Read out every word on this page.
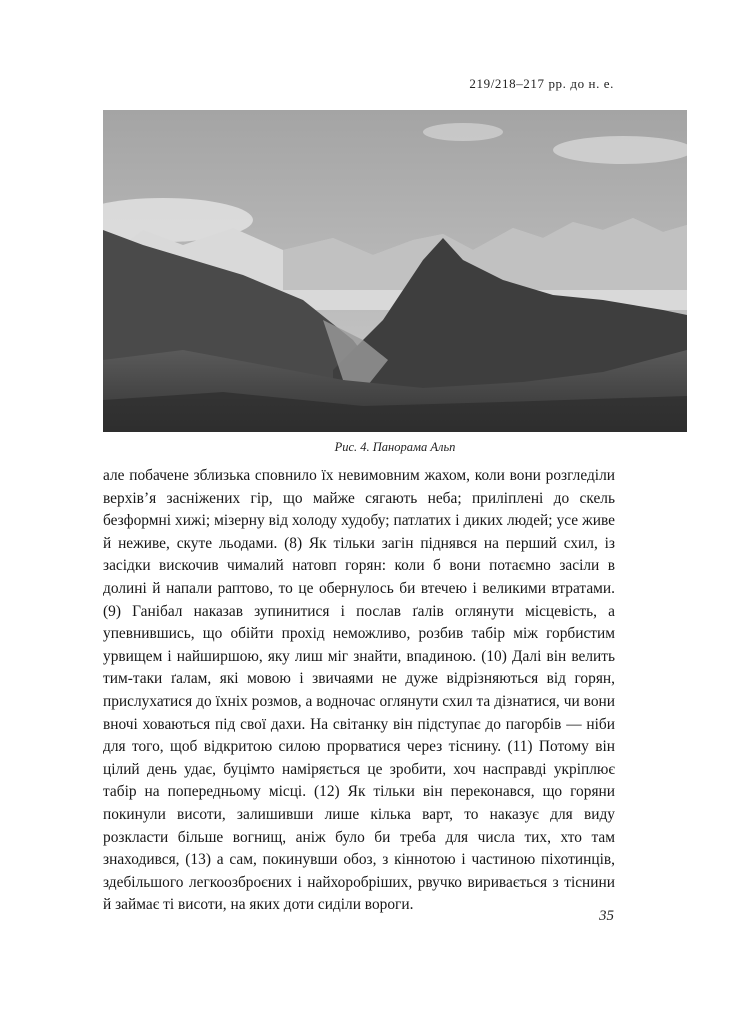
219/218–217 рр. до н. е.
Рис. 4. Панорама Альп

але побачене зблизька сповнило їх невимовним жахом, коли вони розгледіли верхів’я засніжених гір, що майже сягають неба; приліплені до скель безформні хижі; мізерну від холоду худобу; патлатих і диких людей; усе живе й неживе, скуте льодами. (8) Як тільки загін піднявся на перший схил, із засідки вискочив чималий натовп горян: коли б вони потаємно засіли в долині й напали раптово, то це обернулось би втечею і великими втратами. (9) Ганібал наказав зупинитися і послав ґалів оглянути місцевість, а упевнившись, що обійти прохід неможливо, розбив табір між горбистим урвищем і найширшою, яку лиш міг знайти, впадиною. (10) Далі він велить тим-таки ґалам, які мовою і звичаями не дуже відрізняються від горян, прислухатися до їхніх розмов, а водночас оглянути схил та дізнатися, чи вони вночі ховаються під свої дахи. На світанку він підступає до пагорбів — ніби для того, щоб відкритою силою прорватися через тіснину. (11) Потому він цілий день удає, буцімто наміряється це зробити, хоч насправді укріплює табір на попередньому місці. (12) Як тільки він переконався, що горяни покинули висоти, залишивши лише кілька варт, то наказує для виду розкласти більше вогнищ, аніж було би треба для числа тих, хто там знаходився, (13) а сам, покинувши обоз, з кіннотою і частиною піхотинців, здебільшого легкоозброєних і найхоробріших, рвучко виривається з тіснини й займає ті висоти, на яких доти сиділи вороги.

35
